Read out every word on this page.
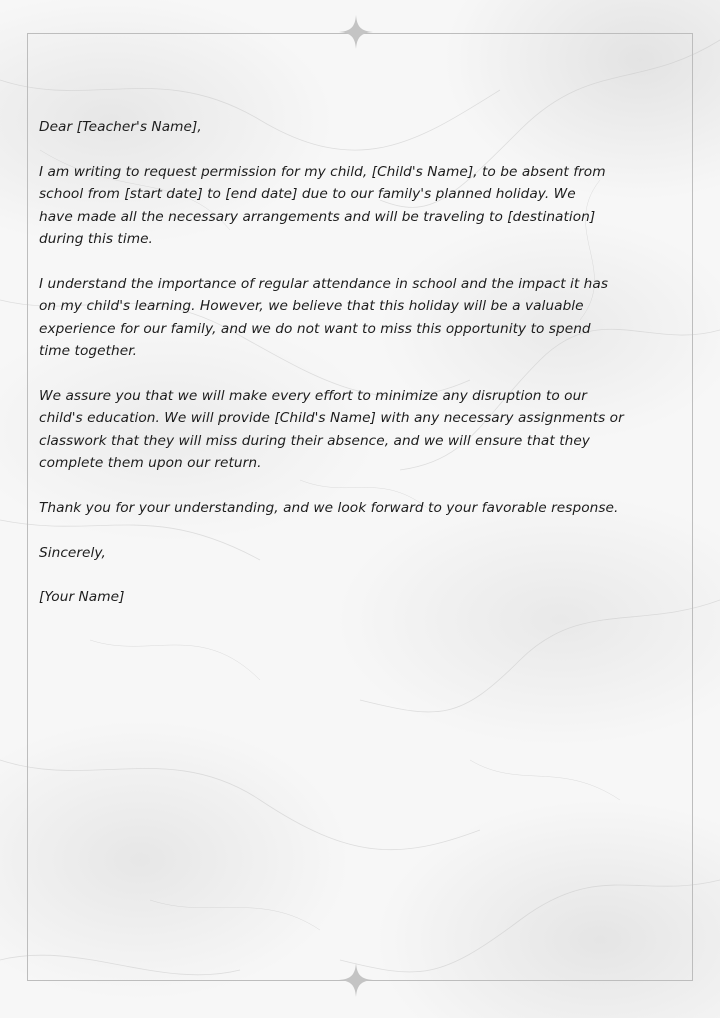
Dear [Teacher's Name],

I am writing to request permission for my child, [Child's Name], to be absent from
school from [start date] to [end date] due to our family's planned holiday. We
have made all the necessary arrangements and will be traveling to [destination]
during this time.

I understand the importance of regular attendance in school and the impact it has
on my child's learning. However, we believe that this holiday will be a valuable
experience for our family, and we do not want to miss this opportunity to spend
time together.

We assure you that we will make every effort to minimize any disruption to our
child's education. We will provide [Child's Name] with any necessary assignments or
classwork that they will miss during their absence, and we will ensure that they
complete them upon our return.

Thank you for your understanding, and we look forward to your favorable response.

Sincerely,

[Your Name]
